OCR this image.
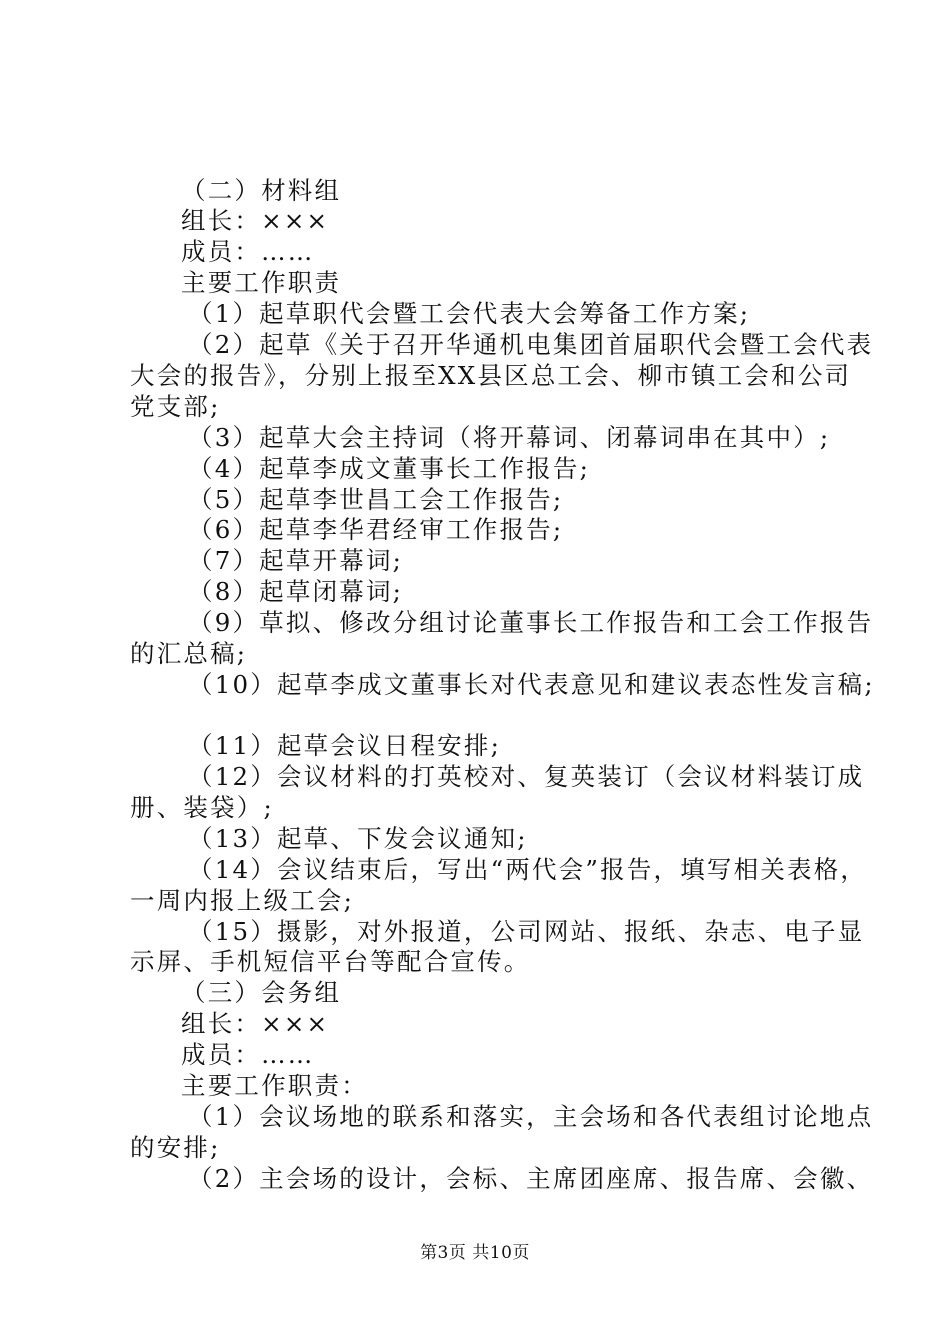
（二）材料组
组长：×××
成员：……
主要工作职责
（1）起草职代会暨工会代表大会筹备工作方案;
（2）起草《关于召开华通机电集团首届职代会暨工会代表
大会的报告》，分别上报至XX县区总工会、柳市镇工会和公司
党支部;
（3）起草大会主持词（将开幕词、闭幕词串在其中）;
（4）起草李成文董事长工作报告;
（5）起草李世昌工会工作报告;
（6）起草李华君经审工作报告;
（7）起草开幕词;
（8）起草闭幕词;
（9）草拟、修改分组讨论董事长工作报告和工会工作报告
的汇总稿;
（10）起草李成文董事长对代表意见和建议表态性发言稿;
（11）起草会议日程安排;
（12）会议材料的打英校对、复英装订（会议材料装订成
册、装袋）;
（13）起草、下发会议通知;
（14）会议结束后，写出“两代会”报告，填写相关表格，
一周内报上级工会;
（15）摄影，对外报道，公司网站、报纸、杂志、电子显
示屏、手机短信平台等配合宣传。
（三）会务组
组长：×××
成员：……
主要工作职责：
（1）会议场地的联系和落实，主会场和各代表组讨论地点
的安排;
（2）主会场的设计，会标、主席团座席、报告席、会徽、
第3页 共10页
